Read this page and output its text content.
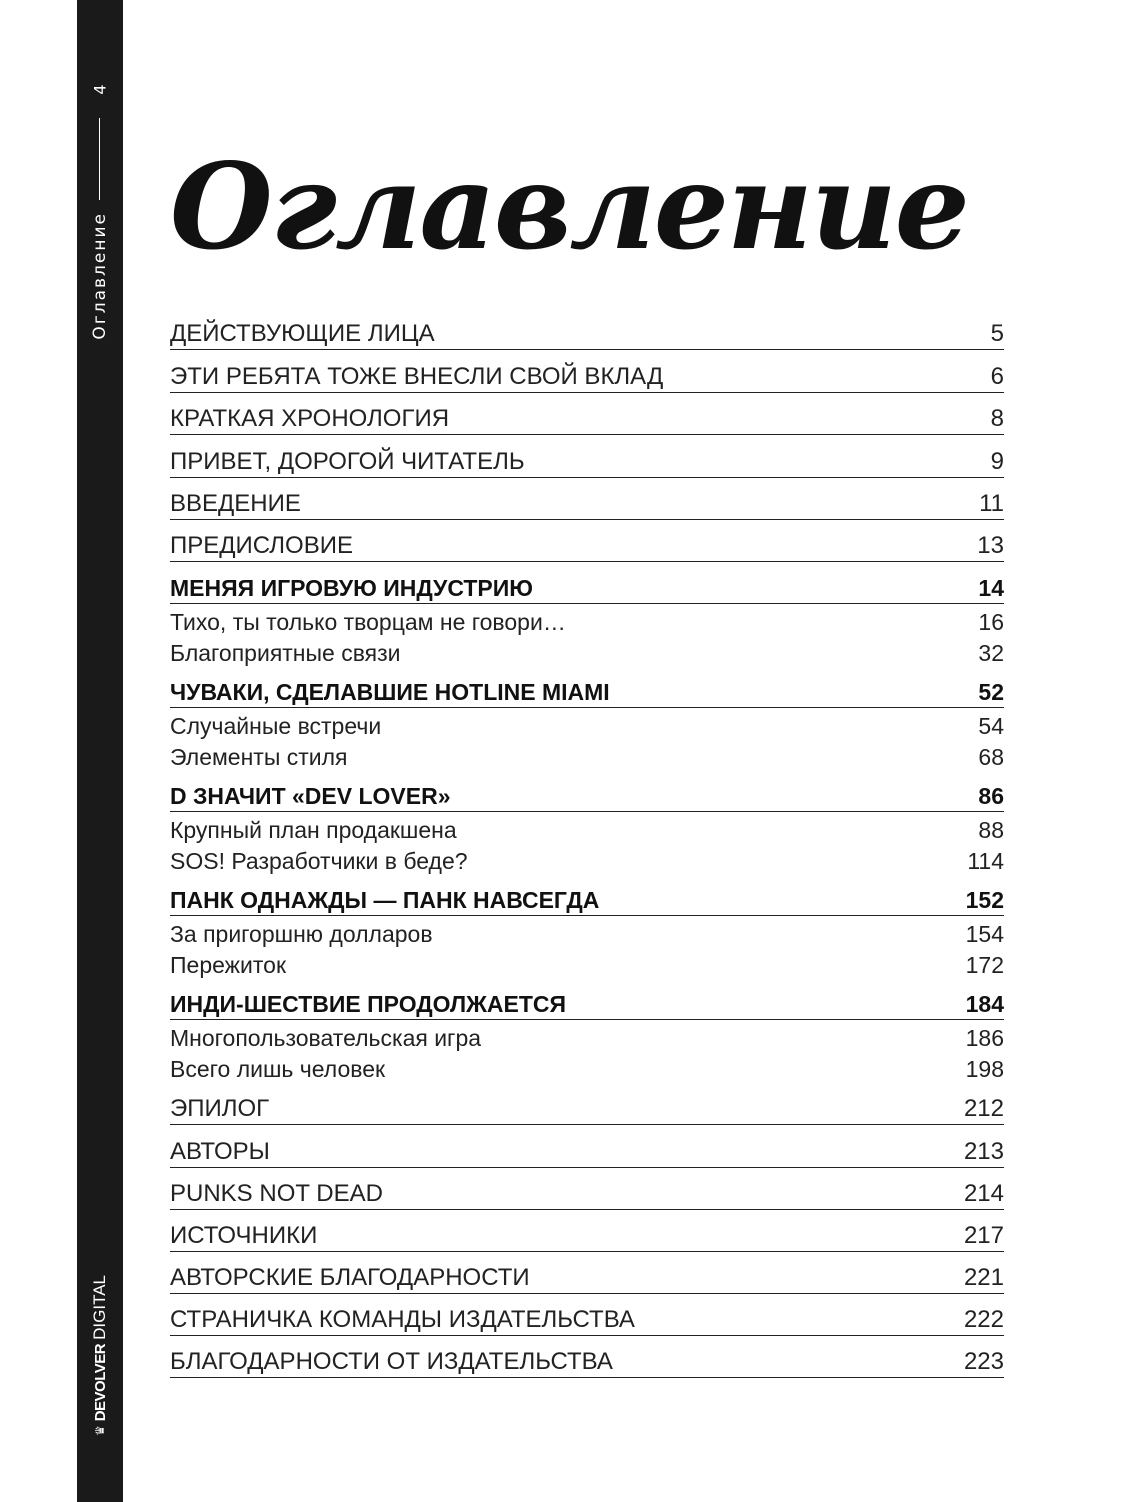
4
Оглавление
♛
DEVOLVER
DIGITAL
Оглавление
ДЕЙСТВУЮЩИЕ ЛИЦА	5
ЭТИ РЕБЯТА ТОЖЕ ВНЕСЛИ СВОЙ ВКЛАД	6
КРАТКАЯ ХРОНОЛОГИЯ	8
ПРИВЕТ, ДОРОГОЙ ЧИТАТЕЛЬ	9
ВВЕДЕНИЕ	11
ПРЕДИСЛОВИЕ	13
МЕНЯЯ ИГРОВУЮ ИНДУСТРИЮ	14
Тихо, ты только творцам не говори…	16
Благоприятные связи	32
ЧУВАКИ, СДЕЛАВШИЕ HOTLINE MIAMI	52
Случайные встречи	54
Элементы стиля	68
D ЗНАЧИТ «DEV LOVER»	86
Крупный план продакшена	88
SOS! Разработчики в беде?	114
ПАНК ОДНАЖДЫ — ПАНК НАВСЕГДА	152
За пригоршню долларов	154
Пережиток	172
ИНДИ-ШЕСТВИЕ ПРОДОЛЖАЕТСЯ	184
Многопользовательская игра	186
Всего лишь человек	198
ЭПИЛОГ	212
АВТОРЫ	213
PUNKS NOT DEAD	214
ИСТОЧНИКИ	217
АВТОРСКИЕ БЛАГОДАРНОСТИ	221
СТРАНИЧКА КОМАНДЫ ИЗДАТЕЛЬСТВА	222
БЛАГОДАРНОСТИ ОТ ИЗДАТЕЛЬСТВА	223
